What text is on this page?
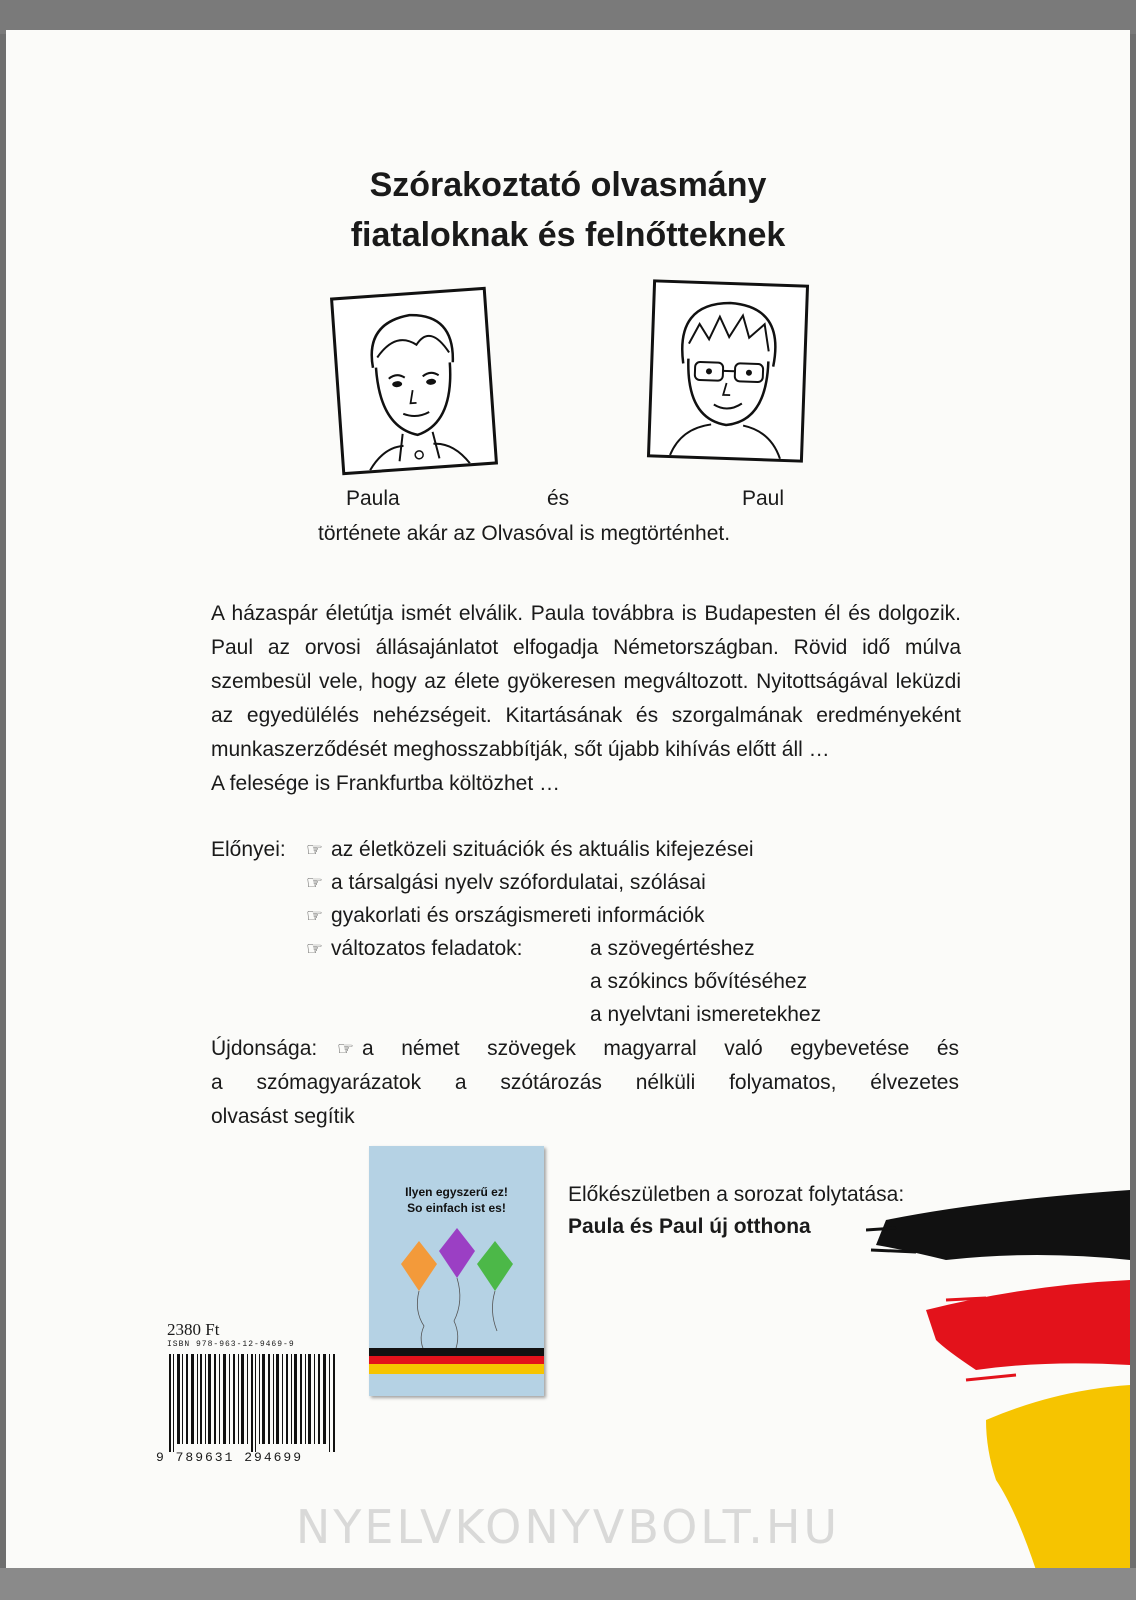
Szórakoztató olvasmány
fiataloknak és felnőtteknek
Paula	és	Paul
története akár az Olvasóval is megtörténhet.

A házaspár életútja ismét elválik. Paula továbbra is Budapesten él és dolgozik. Paul az orvosi állásajánlatot elfogadja Németországban. Rövid idő múlva szembesül vele, hogy az élete gyökeresen megváltozott. Nyitottságával leküzdi az egyedülélés nehézségeit. Kitartásának és szorgalmának eredményeként munkaszerződését meghosszabbítják, sőt újabb kihívás előtt áll …

A felesége is Frankfurtba költözhet …

Előnyei: ☞ az életközeli szituációk és aktuális kifejezései
☞ a társalgási nyelv szófordulatai, szólásai
☞ gyakorlati és országismereti információk
☞ változatos feladatok:	a szövegértéshez
a szókincs bővítéséhez
a nyelvtani ismeretekhez
Újdonsága: ☞ a német szövegek magyarral való egybevetése és
a szómagyarázatok a szótározás nélküli folyamatos, élvezetes
olvasást segítik
Ilyen egyszerű ez!
So einfach ist es!
Előkészületben a sorozat folytatása:
Paula és Paul új otthona
2380 Ft
ISBN 978-963-12-9469-9
9 789631 294699
NYELVKONYVBOLT.HU
